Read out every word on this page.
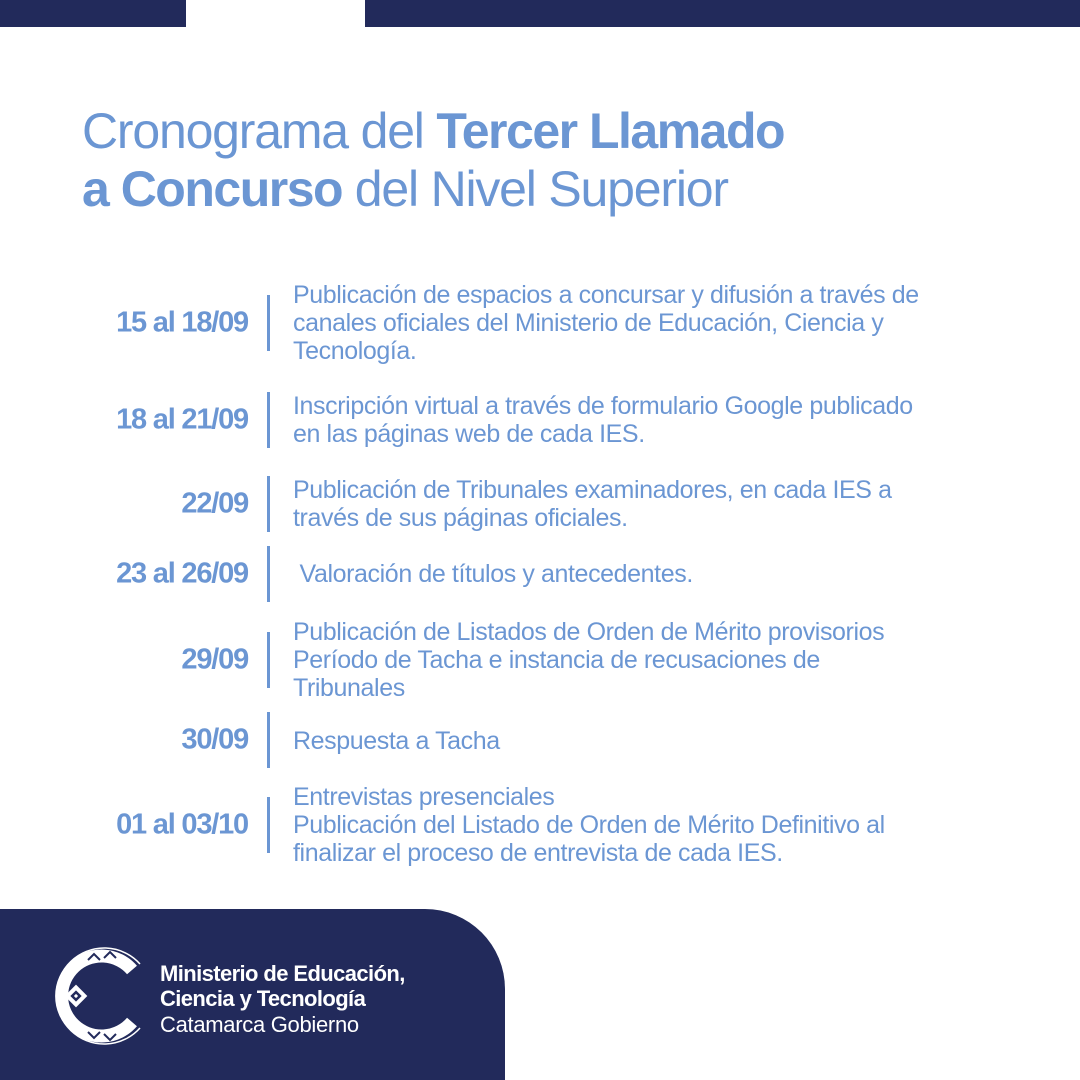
Cronograma del Tercer Llamado
a Concurso del Nivel Superior
15 al 18/09
Publicación de espacios a concursar y difusión a través de
canales oficiales del Ministerio de Educación, Ciencia y
Tecnología.
18 al 21/09 Inscripción virtual a través de formulario Google publicado
en las páginas web de cada IES.
22/09 Publicación de Tribunales examinadores, en cada IES a
través de sus páginas oficiales.
23 al 26/09

Valoración de títulos y antecedentes.

29/09
Publicación de Listados de Orden de Mérito provisorios
Período de Tacha e instancia de recusaciones de
Tribunales
30/09 Respuesta a Tacha
01 al 03/10
Entrevistas presenciales
Publicación del Listado de Orden de Mérito Definitivo al
finalizar el proceso de entrevista de cada IES.
Ministerio de Educación,
Ciencia y Tecnología
Catamarca Gobierno
